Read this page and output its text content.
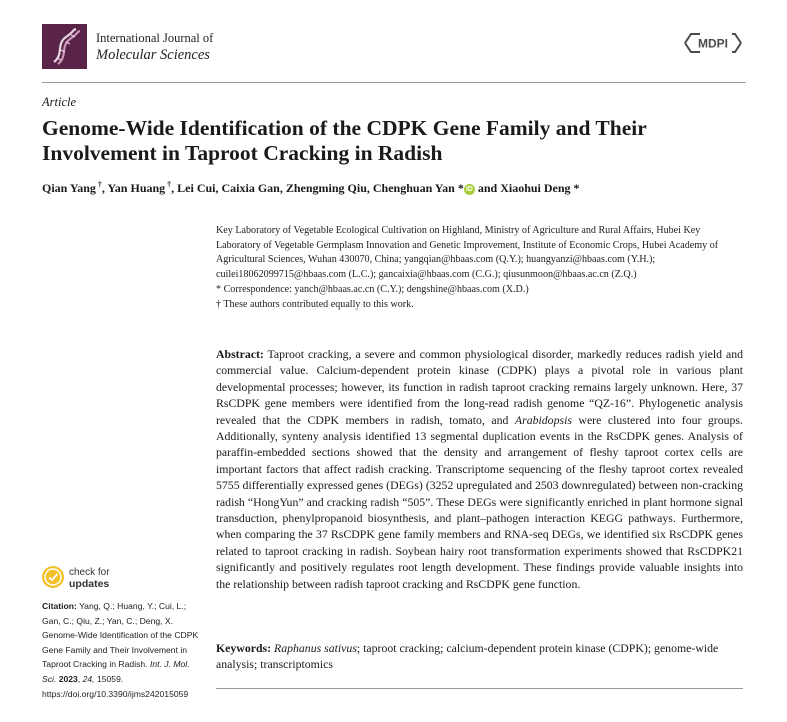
International Journal of
Molecular Sciences
MDPI
Article
Genome-Wide Identification of the CDPK Gene Family and Their Involvement in Taproot Cracking in Radish
Qian Yang †, Yan Huang †, Lei Cui, Caixia Gan, Zhengming Qiu, Chenghuan Yan * iD and Xiaohui Deng *

Key Laboratory of Vegetable Ecological Cultivation on Highland, Ministry of Agriculture and Rural Affairs, Hubei Key Laboratory of Vegetable Germplasm Innovation and Genetic Improvement, Institute of Economic Crops, Hubei Academy of Agricultural Sciences, Wuhan 430070, China; yangqian@hbaas.com (Q.Y.); huangyanzi@hbaas.com (Y.H.); cuilei18062099715@hbaas.com (L.C.); gancaixia@hbaas.com (C.G.); qiusunmoon@hbaas.ac.cn (Z.Q.)

* Correspondence: yanch@hbaas.ac.cn (C.Y.); dengshine@hbaas.com (X.D.)

† These authors contributed equally to this work.

Abstract: Taproot cracking, a severe and common physiological disorder, markedly reduces radish yield and commercial value. Calcium-dependent protein kinase (CDPK) plays a pivotal role in various plant developmental processes; however, its function in radish taproot cracking remains largely unknown. Here, 37 RsCDPK gene members were identified from the long-read radish genome “QZ-16”. Phylogenetic analysis revealed that the CDPK members in radish, tomato, and Arabidopsis were clustered into four groups. Additionally, synteny analysis identified 13 segmental duplication events in the RsCDPK genes. Analysis of paraffin-embedded sections showed that the density and arrangement of fleshy taproot cortex cells are important factors that affect radish cracking. Transcriptome sequencing of the fleshy taproot cortex revealed 5755 differentially expressed genes (DEGs) (3252 upregulated and 2503 downregulated) between non-cracking radish “HongYun” and cracking radish “505”. These DEGs were significantly enriched in plant hormone signal transduction, phenylpropanoid biosynthesis, and plant–pathogen interaction KEGG pathways. Furthermore, when comparing the 37 RsCDPK gene family members and RNA-seq DEGs, we identified six RsCDPK genes related to taproot cracking in radish. Soybean hairy root transformation experiments showed that RsCDPK21 significantly and positively regulates root length development. These findings provide valuable insights into the relationship between radish taproot cracking and RsCDPK gene function.

Keywords: Raphanus sativus; taproot cracking; calcium-dependent protein kinase (CDPK); genome-wide analysis; transcriptomics
check for
updates

Citation: Yang, Q.; Huang, Y.; Cui, L.; Gan, C.; Qiu, Z.; Yan, C.; Deng, X. Genome-Wide Identification of the CDPK Gene Family and Their Involvement in Taproot Cracking in Radish. Int. J. Mol. Sci. 2023, 24, 15059. https://doi.org/10.3390/ijms242015059
